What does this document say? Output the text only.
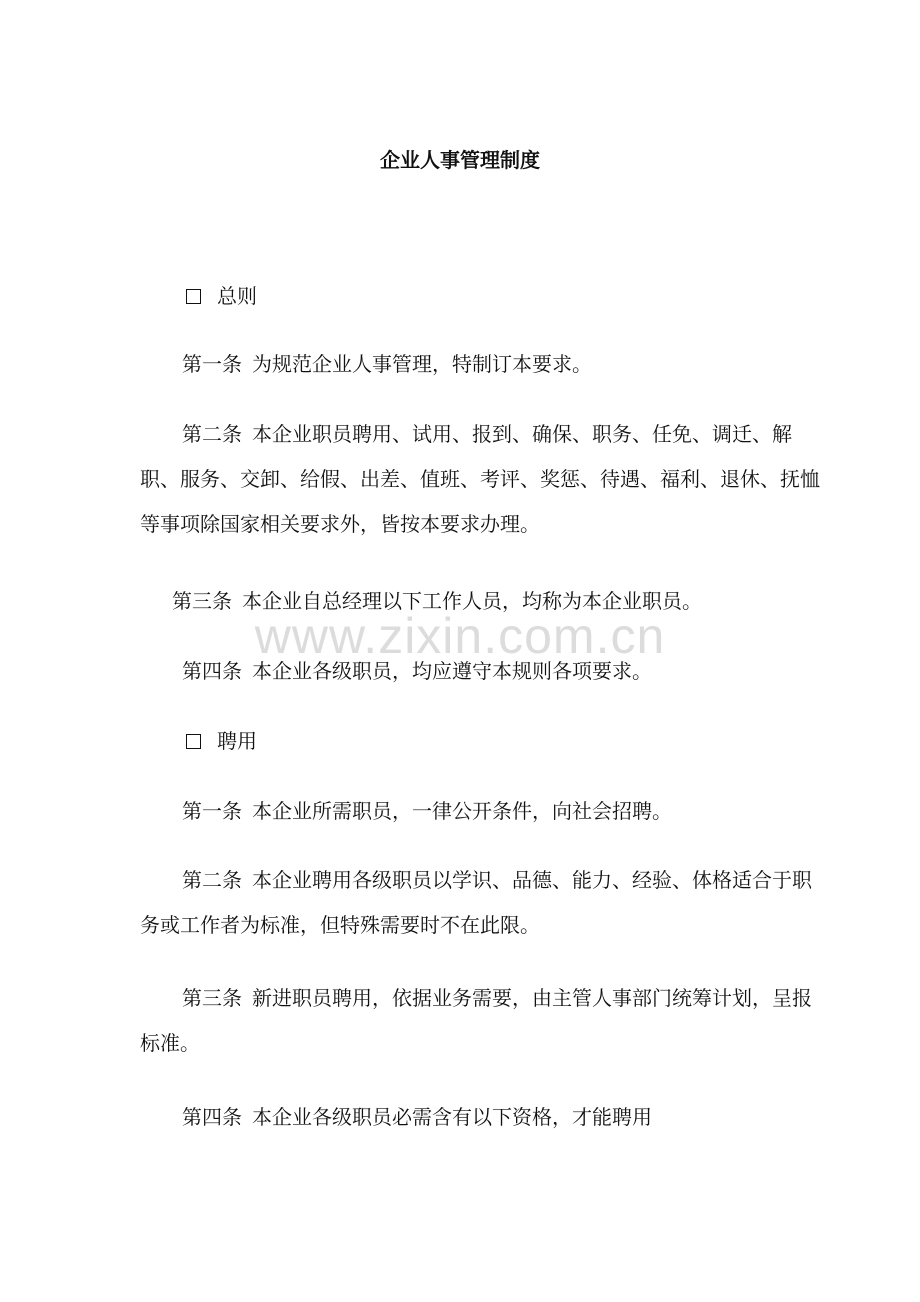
企业人事管理制度
总则
第一条 为规范企业人事管理，特制订本要求。
第二条 本企业职员聘用、试用、报到、确保、职务、任免、调迁、解职、服务、交卸、给假、出差、值班、考评、奖惩、待遇、福利、退休、抚恤等事项除国家相关要求外，皆按本要求办理。
第三条 本企业自总经理以下工作人员，均称为本企业职员。
第四条 本企业各级职员，均应遵守本规则各项要求。
聘用
第一条 本企业所需职员，一律公开条件，向社会招聘。
第二条 本企业聘用各级职员以学识、品德、能力、经验、体格适合于职务或工作者为标准，但特殊需要时不在此限。
第三条 新进职员聘用，依据业务需要，由主管人事部门统筹计划，呈报标准。
第四条 本企业各级职员必需含有以下资格，才能聘用
www.zixin.com.cn
